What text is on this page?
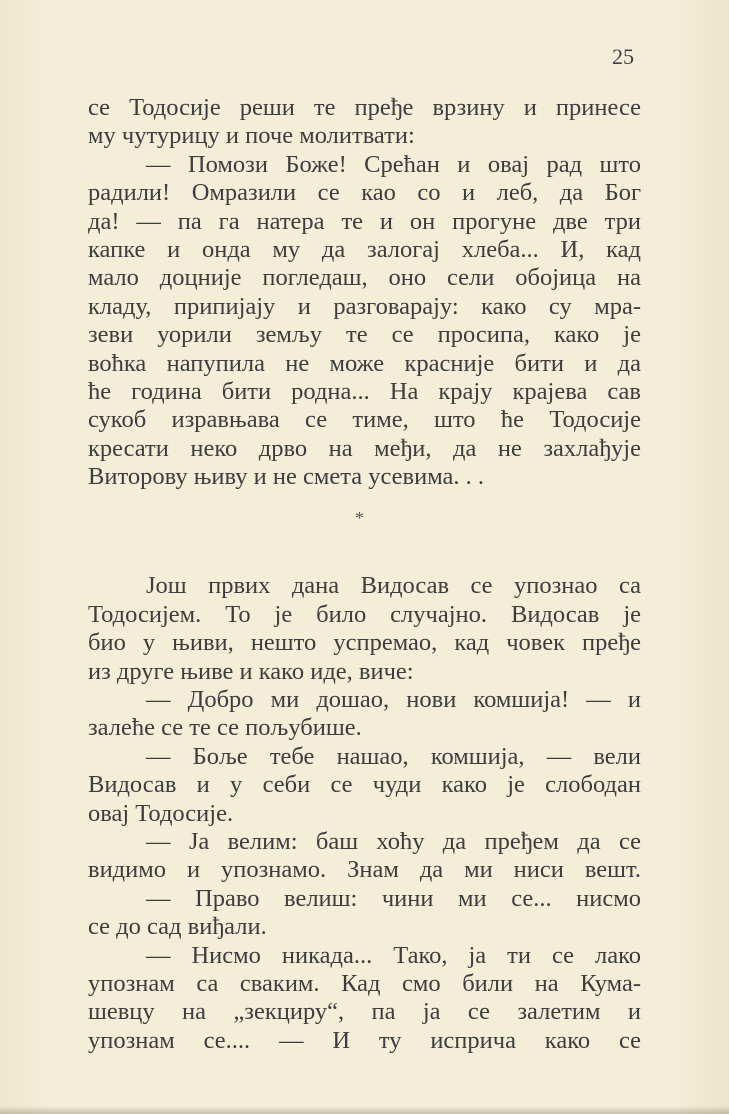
25
се Тодосије реши те пређе врзину и принесе
му чутурицу и поче молитвати:
— Помози Боже! Срећан и овај рад што
радили! Омразили се као со и леб, да Бог
да! — па га натера те и он прогуне две три
капке и онда му да залогај хлеба... И, кад
мало доцније погледаш, оно сели обојица на
кладу, припијају и разговарају: како су мра-
зеви уорили земљу те се просипа, како је
воћка напупила не може красније бити и да
ће година бити родна... На крају крајева сав
сукоб изравњава се тиме, што ће Тодосије
кресати неко дрво на међи, да не захлађује
Виторову њиву и не смета усевима. . .
Још првих дана Видосав се упознао са
Тодосијем. То је било случајно. Видосав је
био у њиви, нешто успремао, кад човек пређе
из друге њиве и како иде, виче:
— Добро ми дошао, нови комшија! — и
залеће се те се пољубише.
— Боље тебе нашао, комшија, — вели
Видосав и у себи се чуди како је слободан
овај Тодосије.
— Ја велим: баш хоћу да пређем да се
видимо и упознамо. Знам да ми ниси вешт.
— Право велиш: чини ми се... нисмо
се до сад виђали.
— Нисмо никада... Тако, ја ти се лако
упознам са сваким. Кад смо били на Кума-
шевцу на „зекциру“, па ја се залетим и
упознам се.... — И ту исприча како се
*
